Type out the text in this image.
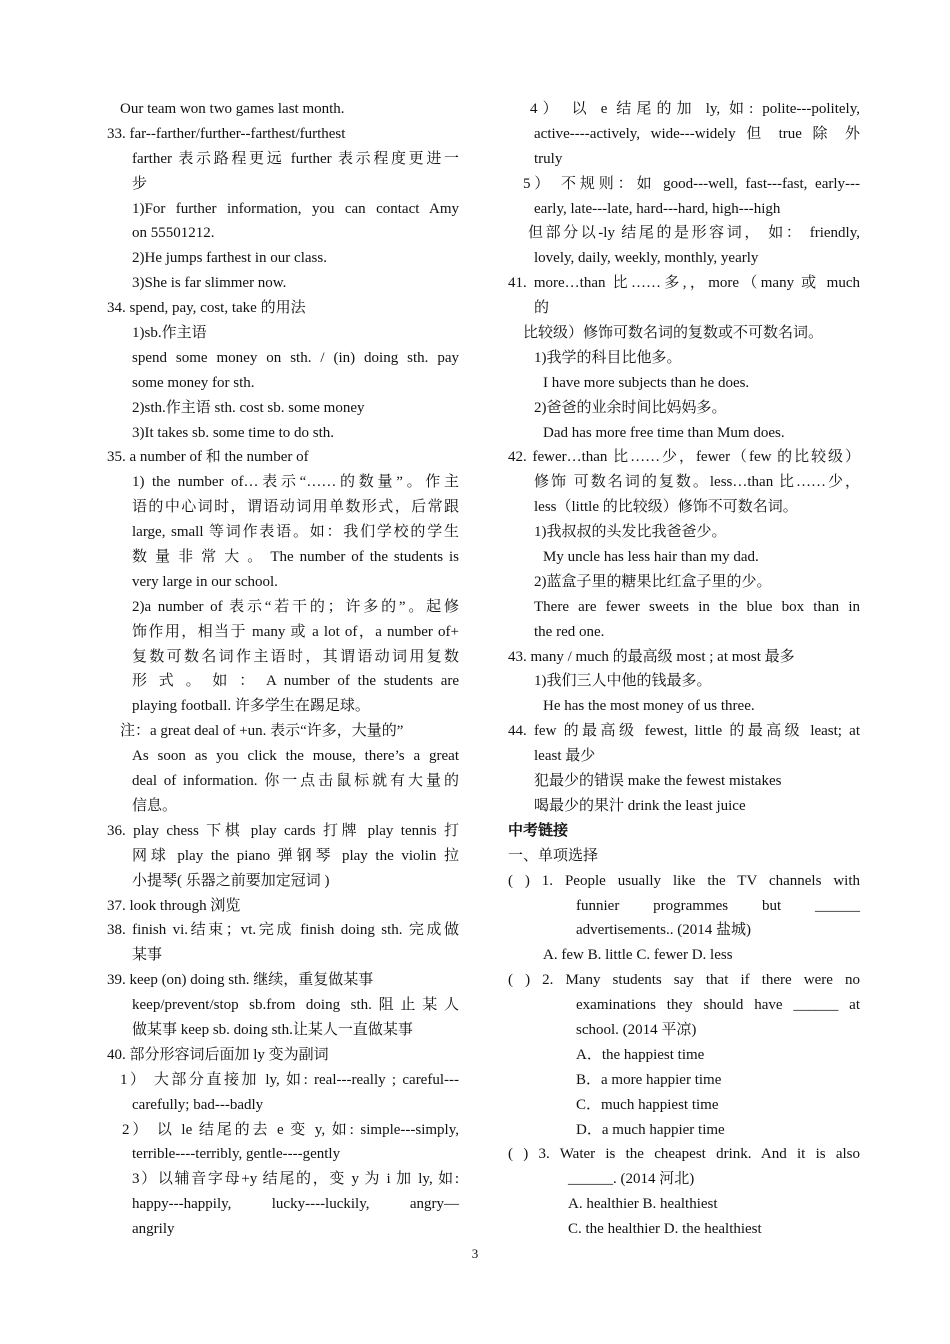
Our team won two games last month.
33. far--farther/further--farthest/furthest
farther 表示路程更远 further 表示程度更进一
步
1)For further information, you can contact Amy
on 55501212.
2)He jumps farthest in our class.
3)She is far slimmer now.
34. spend, pay, cost, take 的用法
1)sb.作主语
spend some money on sth. / (in) doing sth. pay
some money for sth.
2)sth.作主语 sth. cost sb. some money
3)It takes sb. some time to do sth.
35. a number of 和 the number of
1) the number of…表示“……的数量”。作主
语的中心词时，谓语动词用单数形式，后常跟
large, small 等词作表语。如：我们学校的学生
数 量 非 常 大 。 The number of the students is
very large in our school.
2)a number of 表示“若干的；许多的”。起修
饰作用，相当于 many 或 a lot of，a number of+
复数可数名词作主语时，其谓语动词用复数
形 式 。 如 ： A number of the students are
playing football. 许多学生在踢足球。
注：a great deal of +un. 表示“许多，大量的”
As soon as you click the mouse, there’s a great
deal of information. 你一点击鼠标就有大量的
信息。
36. play chess 下棋 play cards 打牌 play tennis 打
网球 play the piano 弹钢琴 play the violin 拉
小提琴( 乐器之前要加定冠词 )
37. look through 浏览
38. finish vi.结束；vt.完成 finish doing sth. 完成做
某事
39. keep (on) doing sth. 继续，重复做某事
keep/prevent/stop sb.from doing sth.阻止某人
做某事 keep sb. doing sth.让某人一直做某事
40. 部分形容词后面加 ly 变为副词
1） 大部分直接加 ly, 如: real---really ; careful---
carefully; bad---badly
2） 以 le 结尾的去 e 变 y, 如: simple---simply,
terrible----terribly, gentle----gently
3）以辅音字母+y 结尾的，变 y 为 i 加 ly, 如:
happy---happily, lucky----luckily, angry—
angrily
4） 以 e 结尾的加 ly, 如: polite---politely,
active----actively, wide---widely 但 true 除 外
truly
5） 不规则：如 good---well, fast---fast, early---
early, late---late, hard---hard, high---high
但部分以-ly 结尾的是形容词， 如： friendly,
lovely, daily, weekly, monthly, yearly
41. more…than 比……多,，more（many 或 much
的
比较级）修饰可数名词的复数或不可数名词。
1)我学的科目比他多。
I have more subjects than he does.
2)爸爸的业余时间比妈妈多。
Dad has more free time than Mum does.
42. fewer…than 比……少，fewer（few 的比较级）
修饰 可数名词的复数。less…than 比……少，
less（little 的比较级）修饰不可数名词。
1)我叔叔的头发比我爸爸少。
My uncle has less hair than my dad.
2)蓝盒子里的糖果比红盒子里的少。
There are fewer sweets in the blue box than in
the red one.
43. many / much 的最高级 most ; at most 最多
1)我们三人中他的钱最多。
He has the most money of us three.
44. few 的最高级 fewest, little 的最高级 least; at
least 最少
犯最少的错误 make the fewest mistakes
喝最少的果汁 drink the least juice
中考链接
一、单项选择
( ) 1. People usually like the TV channels with
funnier programmes but ______
advertisements.. (2014 盐城)
A. few B. little C. fewer D. less
( ) 2. Many students say that if there were no
examinations they should have ______ at
school. (2014 平凉)
A．the happiest time
B．a more happier time
C．much happiest time
D．a much happier time
( ) 3. Water is the cheapest drink. And it is also
______. (2014 河北)
A. healthier B. healthiest
C. the healthier D. the healthiest
3
